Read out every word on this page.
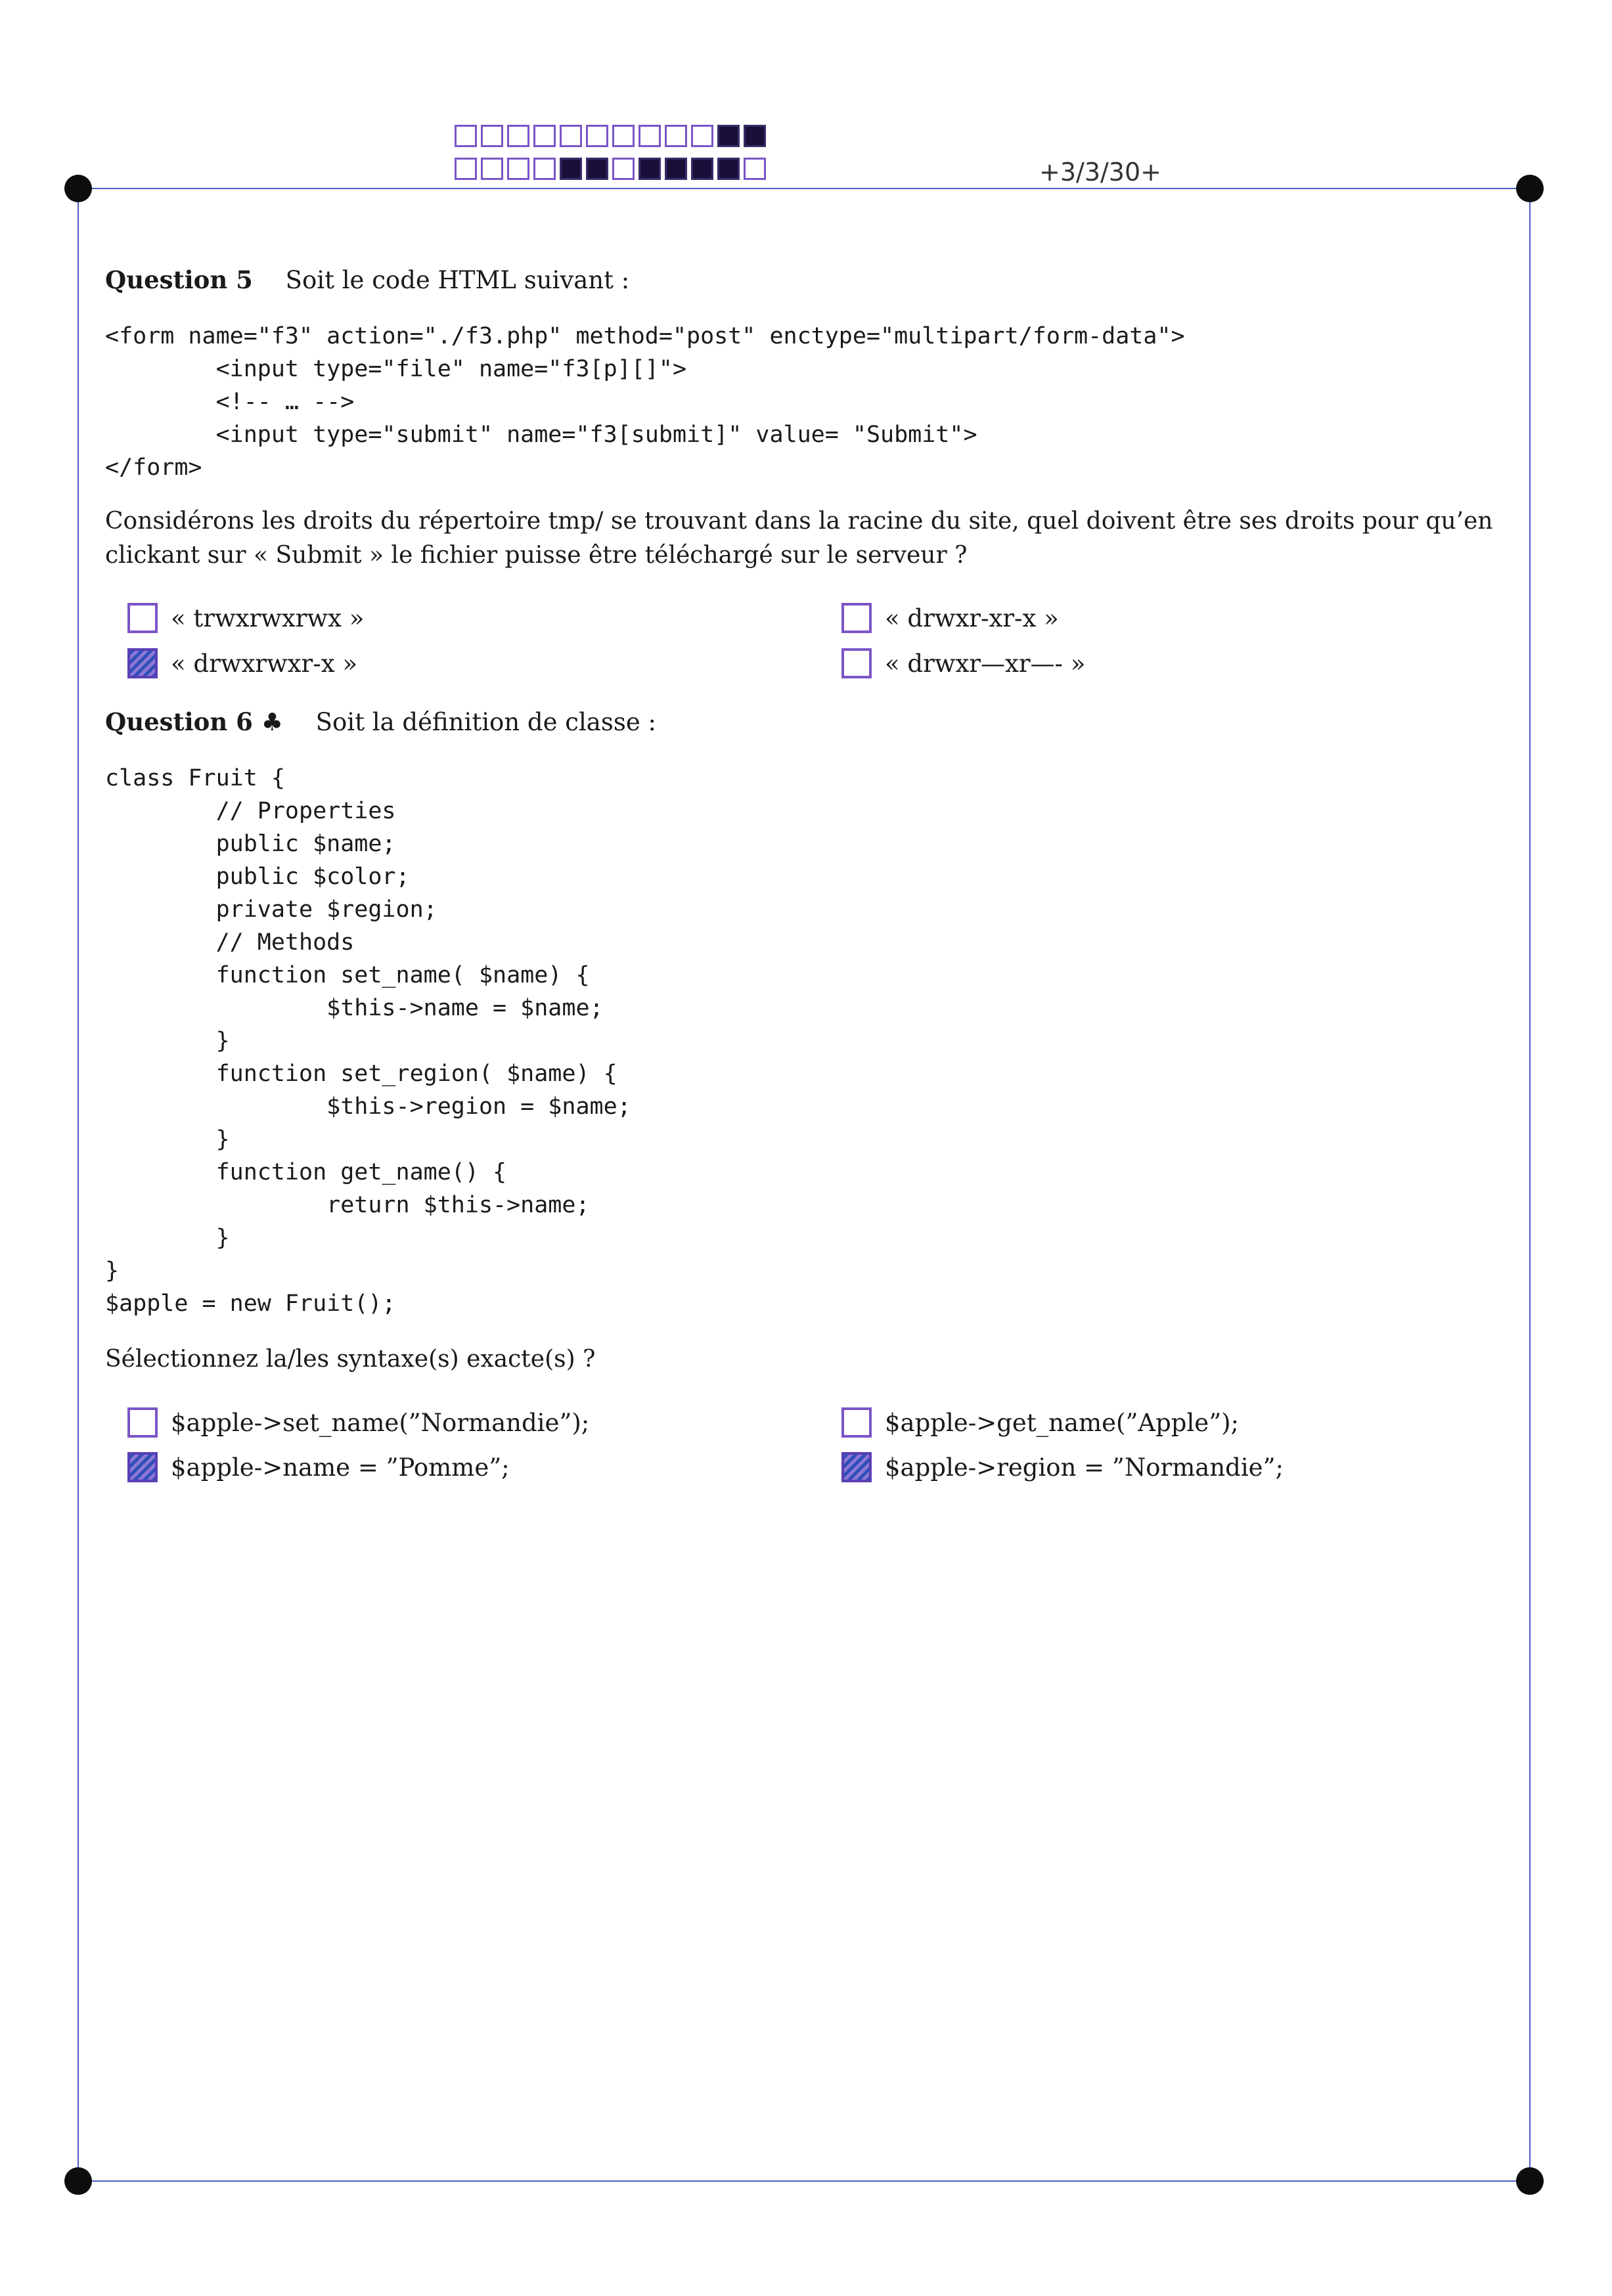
+3/3/30+
Question 5 Soit le code HTML suivant :
<form name="f3" action="./f3.php" method="post" enctype="multipart/form-data">
<input type="file" name="f3[p][]">
<!-- … -->
<input type="submit" name="f3[submit]" value= "Submit">
</form>
Considérons les droits du répertoire tmp/ se trouvant dans la racine du site, quel doivent être ses droits pour qu’en clickant sur « Submit » le fichier puisse être téléchargé sur le serveur ?
« trwxrwxrwx »	« drwxr-xr-x »
« drwxrwxr-x »	« drwxr—xr—- »
Question 6 ♣ Soit la définition de classe :
class Fruit {
// Properties
public $name;
public $color;
private $region;
// Methods
function set_name( $name) {
$this->name = $name;
}
function set_region( $name) {
$this->region = $name;
}
function get_name() {
return $this->name;
}
}
$apple = new Fruit();
Sélectionnez la/les syntaxe(s) exacte(s) ?
$apple->set_name(”Normandie”);	$apple->get_name(”Apple”);
$apple->name = ”Pomme”;	$apple->region = ”Normandie”;
